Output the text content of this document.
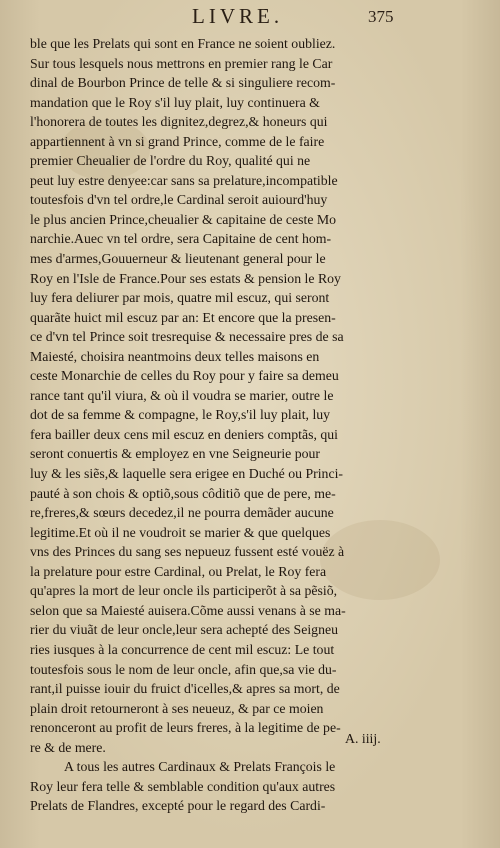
LIVRE.	375
ble que les Prelats qui sont en France ne soient oubliez.
Sur tous lesquels nous mettrons en premier rang le Car
dinal de Bourbon Prince de telle & si singuliere recom-
mandation que le Roy s'il luy plait, luy continuera &
l'honorera de toutes les dignitez,degrez,& honeurs qui
appartiennent à vn si grand Prince, comme de le faire
premier Cheualier de l'ordre du Roy, qualité qui ne
peut luy estre denyee:car sans sa prelature,incompatible
toutesfois d'vn tel ordre,le Cardinal seroit auiourd'huy
le plus ancien Prince,cheualier & capitaine de ceste Mo
narchie.Auec vn tel ordre, sera Capitaine de cent hom-
mes d'armes,Gouuerneur & lieutenant general pour le
Roy en l'Isle de France.Pour ses estats & pension le Roy
luy fera deliurer par mois, quatre mil escuz, qui seront
quarãte huict mil escuz par an: Et encore que la presen-
ce d'vn tel Prince soit tresrequise & necessaire pres de sa
Maiesté, choisira neantmoins deux telles maisons en
ceste Monarchie de celles du Roy pour y faire sa demeu
rance tant qu'il viura, & où il voudra se marier, outre le
dot de sa femme & compagne, le Roy,s'il luy plait, luy
fera bailler deux cens mil escuz en deniers comptãs, qui
seront conuertis & employez en vne Seigneurie pour
luy & les siẽs,& laquelle sera erigee en Duché ou Princi-
pauté à son chois & optiõ,sous côditiõ que de pere, me-
re,freres,& sœurs decedez,il ne pourra demãder aucune
legitime.Et où il ne voudroit se marier & que quelques
vns des Princes du sang ses nepueuz fussent esté vouëz à
la prelature pour estre Cardinal, ou Prelat, le Roy fera
qu'apres la mort de leur oncle ils participerõt à sa pẽsiõ,
selon que sa Maiesté auisera.Cõme aussi venans à se ma-
rier du viuãt de leur oncle,leur sera achepté des Seigneu
ries iusques à la concurrence de cent mil escuz: Le tout
toutesfois sous le nom de leur oncle, afin que,sa vie du-
rant,il puisse iouir du fruict d'icelles,& apres sa mort, de
plain droit retourneront à ses neueuz, & par ce moien
renonceront au profit de leurs freres, à la legitime de pe-
re & de mere.
A tous les autres Cardinaux & Prelats François le
Roy leur fera telle & semblable condition qu'aux autres
Prelats de Flandres, excepté pour le regard des Cardi-
A. iiij.
